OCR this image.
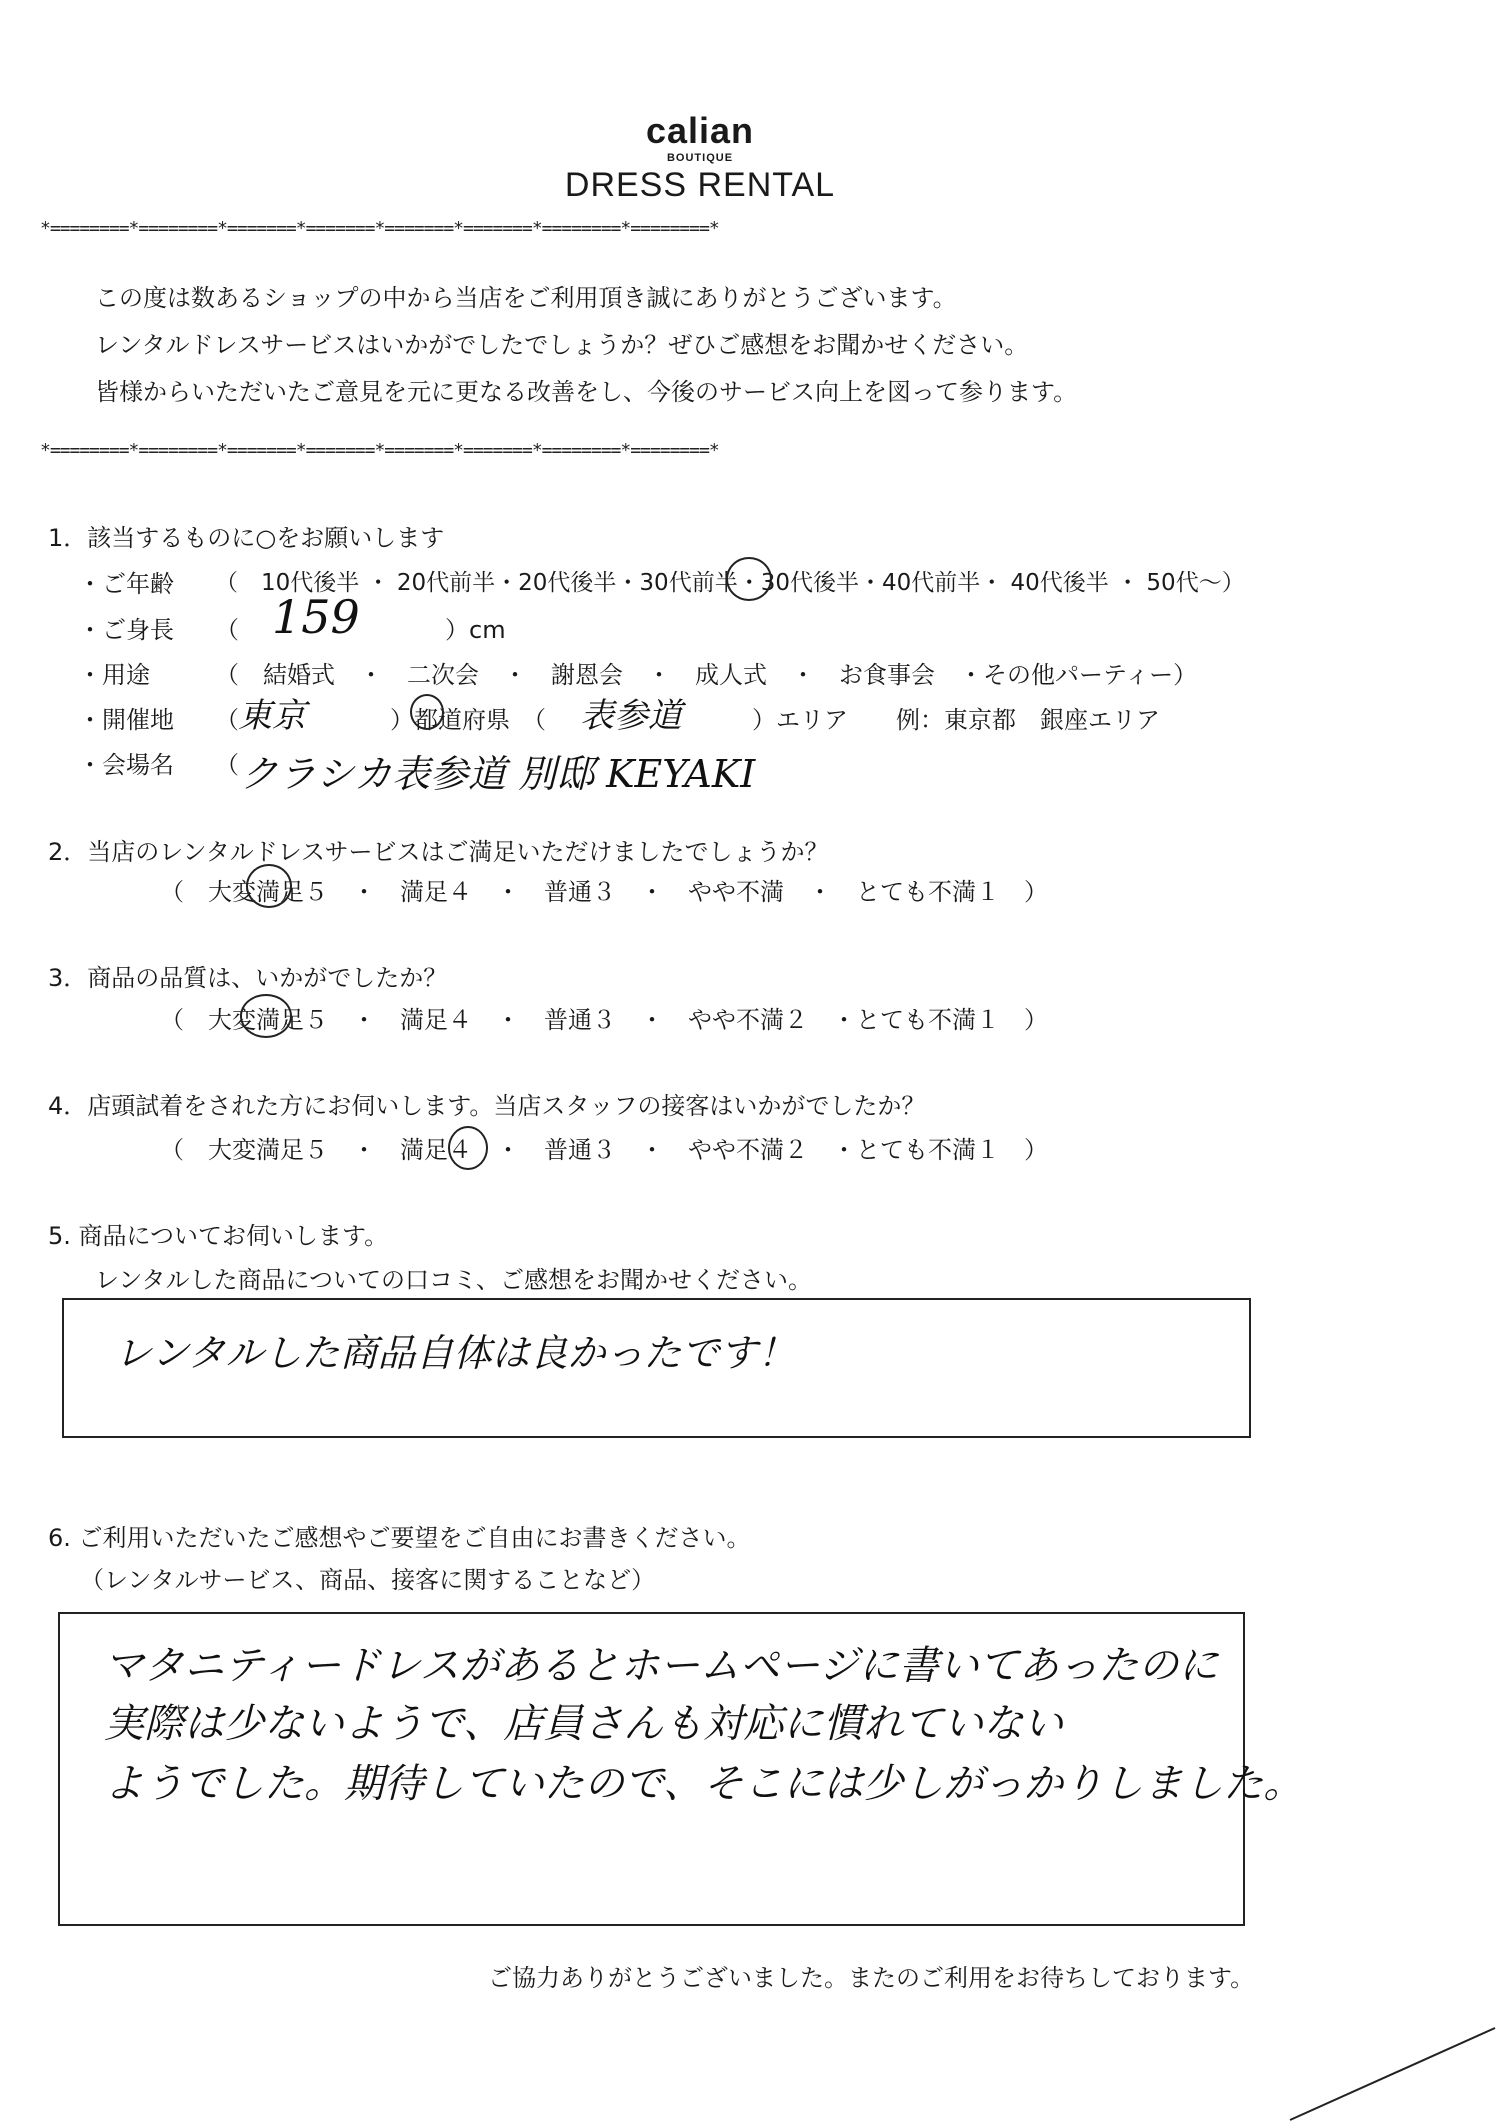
calian
BOUTIQUE
DRESS RENTAL
*========*========*=======*=======*=======*=======*========*========*
この度は数あるショップの中から当店をご利用頂き誠にありがとうございます。
レンタルドレスサービスはいかがでしたでしょうか？ぜひご感想をお聞かせください。
皆様からいただいたご意見を元に更なる改善をし、今後のサービス向上を図って参ります。
*========*========*=======*=======*=======*=======*========*========*
1．該当するものに○をお願いします
・ご年齢 （　10代後半 ・ 20代前半・20代後半・30代前半・30代後半・40代前半・ 40代後半 ・ 50代～）
・ご身長 （ 159	）cm
・用途	（　結婚式　・　二次会　・　謝恩会　・　成人式　・　お食事会　・その他パーティー）
・開催地 （ 東京	）都道府県　（ 表参道	）エリア　　例：東京都　銀座エリア
・会場名 （ クラシカ表参道 別邸 KEYAKI
2．当店のレンタルドレスサービスはご満足いただけましたでしょうか？
（　大変満足５　・　満足４　・　普通３　・　やや不満　・　とても不満１　）
3．商品の品質は、いかがでしたか？
（　大変満足５　・　満足４　・　普通３　・　やや不満２　・とても不満１　）
4．店頭試着をされた方にお伺いします。当店スタッフの接客はいかがでしたか？
（　大変満足５　・　満足４　・　普通３　・　やや不満２　・とても不満１　）
5. 商品についてお伺いします。
レンタルした商品についての口コミ、ご感想をお聞かせください。
レンタルした商品自体は良かったです！
6. ご利用いただいたご感想やご要望をご自由にお書きください。
（レンタルサービス、商品、接客に関することなど）
マタニティードレスがあるとホームページに書いてあったのに
実際は少ないようで、店員さんも対応に慣れていない
ようでした。期待していたので、そこには少しがっかりしました。
ご協力ありがとうございました。またのご利用をお待ちしております。
